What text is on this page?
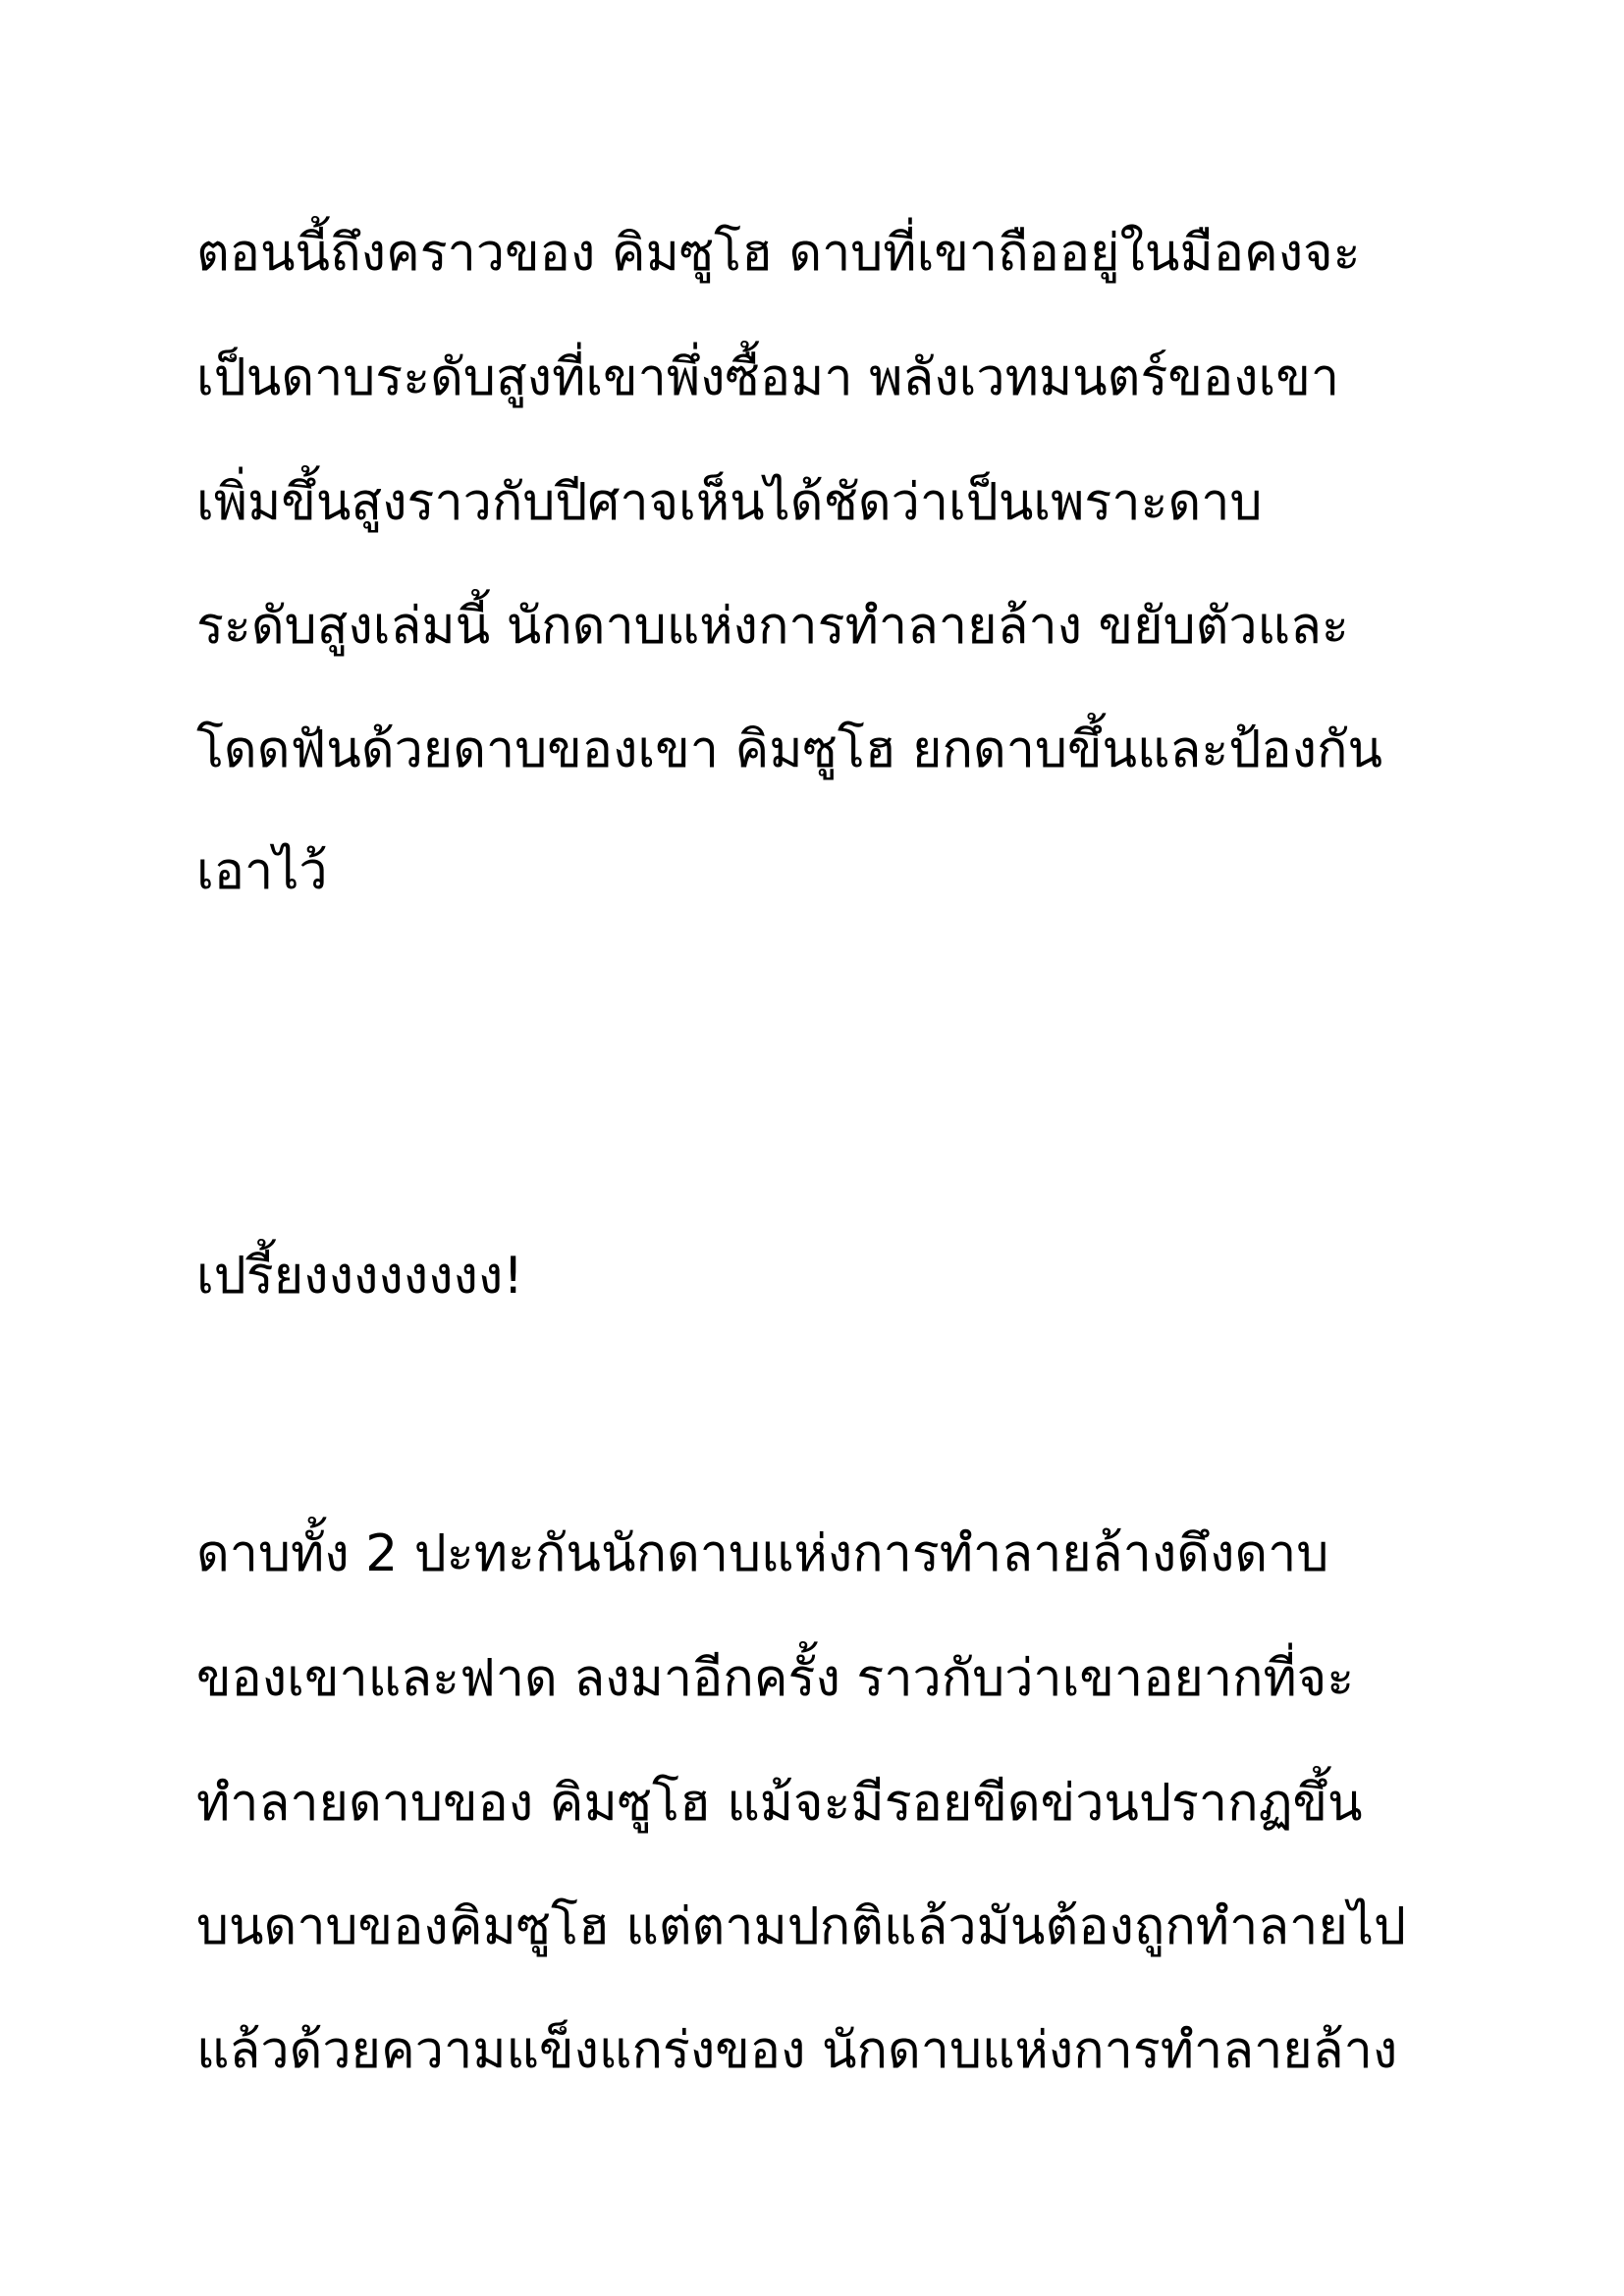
ตอนนี้ถึงคราวของ คิมซูโฮ ดาบที่เขาถืออยู่ในมือคงจะ
เป็นดาบระดับสูงที่เขาพึ่งซื้อมา พลังเวทมนตร์ของเขา
เพิ่มขึ้นสูงราวกับปีศาจเห็นได้ชัดว่าเป็นเพราะดาบ
ระดับสูงเล่มนี้ นักดาบแห่งการทำลายล้าง ขยับตัวและ
โดดฟันด้วยดาบของเขา คิมซูโฮ ยกดาบขึ้นและป้องกัน
เอาไว้
เปรี้ยงงงงงงงง!
ดาบทั้ง 2 ปะทะกันนักดาบแห่งการทำลายล้างดึงดาบ
ของเขาและฟาด ลงมาอีกครั้ง ราวกับว่าเขาอยากที่จะ
ทำลายดาบของ คิมซูโฮ แม้จะมีรอยขีดข่วนปรากฏขึ้น
บนดาบของคิมซูโฮ แต่ตามปกติแล้วมันต้องถูกทำลายไป
แล้วด้วยความแข็งแกร่งของ นักดาบแห่งการทำลายล้าง
